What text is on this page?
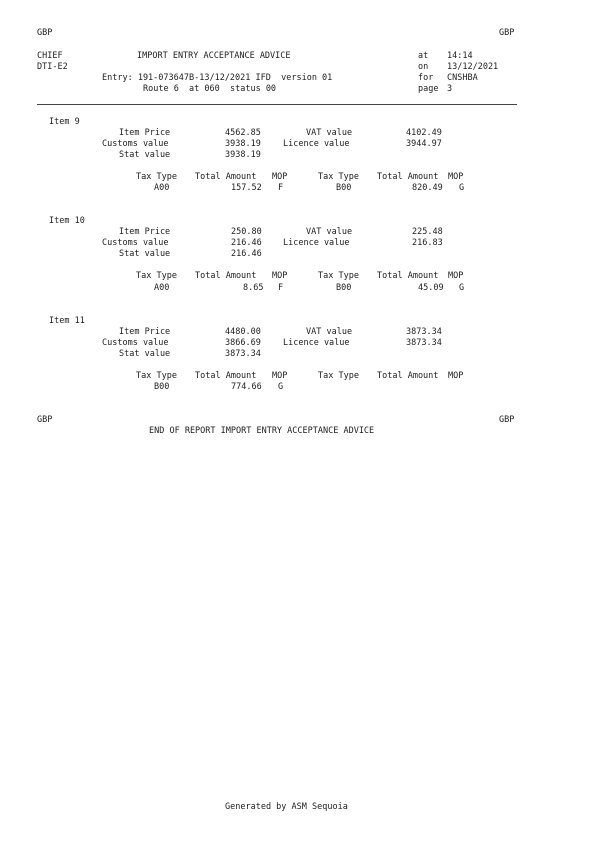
GBP	GBP
CHIEF	IMPORT ENTRY ACCEPTANCE ADVICE	at 14:14
DTI-E2	on 13/12/2021
Entry: 191-073647B-13/12/2021 IFD  version 01	for CNSHBA
Route 6  at 060  status 00	page 3
Item 9
Item Price	4562.85	VAT value	4102.49
Customs value	3938.19	Licence value	3944.97
Stat value	3938.19
Tax Type Total Amount MOP	Tax Type Total Amount MOP
A00	157.52 F	B00	820.49 G
Item 10
Item Price	250.80	VAT value	225.48
Customs value	216.46	Licence value	216.83
Stat value	216.46
Tax Type Total Amount MOP	Tax Type Total Amount MOP
A00	8.65 F	B00	45.09 G
Item 11
Item Price	4480.00	VAT value	3873.34
Customs value	3866.69	Licence value	3873.34
Stat value	3873.34
Tax Type Total Amount MOP	Tax Type Total Amount MOP
B00	774.66 G
GBP	GBP
END OF REPORT IMPORT ENTRY ACCEPTANCE ADVICE
Generated by ASM Sequoia
